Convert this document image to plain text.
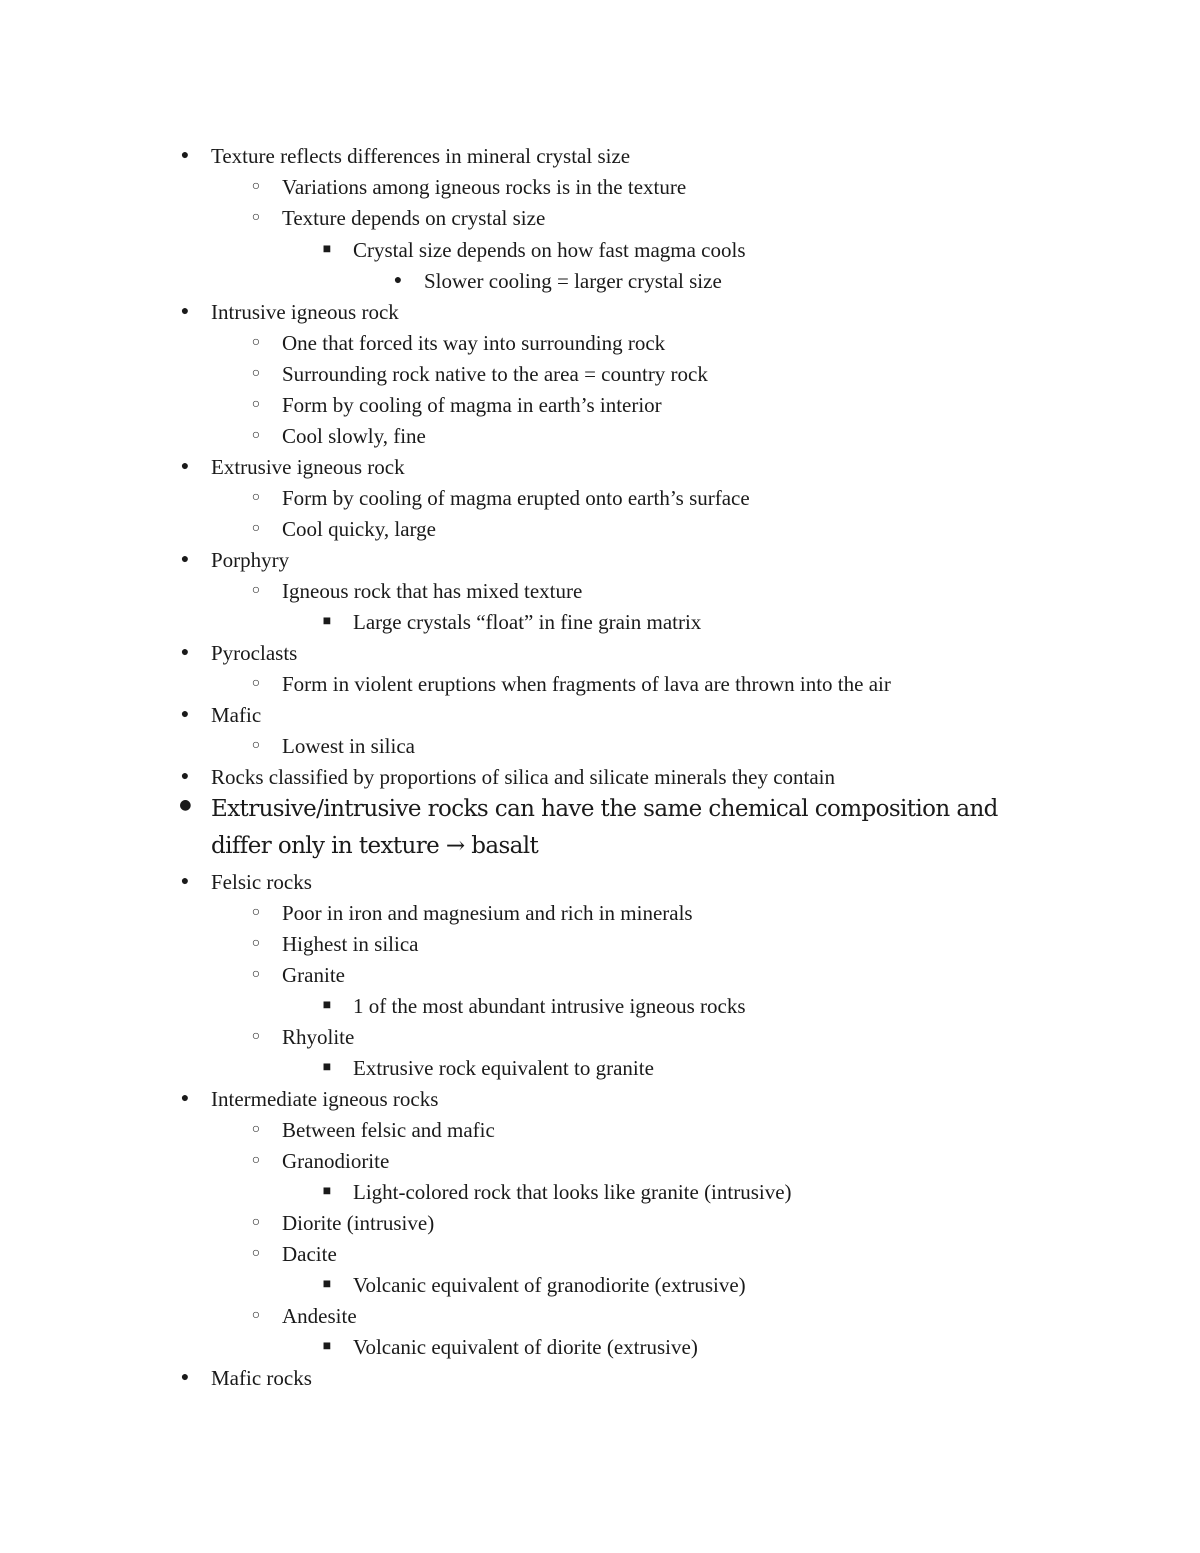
● Texture reflects differences in mineral crystal size
○ Variations among igneous rocks is in the texture
○ Texture depends on crystal size
■ Crystal size depends on how fast magma cools
● Slower cooling = larger crystal size
● Intrusive igneous rock
○ One that forced its way into surrounding rock
○ Surrounding rock native to the area = country rock
○ Form by cooling of magma in earth’s interior
○ Cool slowly, fine
● Extrusive igneous rock
○ Form by cooling of magma erupted onto earth’s surface
○ Cool quicky, large
● Porphyry
○ Igneous rock that has mixed texture
■ Large crystals “float” in fine grain matrix
● Pyroclasts
○ Form in violent eruptions when fragments of lava are thrown into the air
● Mafic
○ Lowest in silica
● Rocks classified by proportions of silica and silicate minerals they contain
● Extrusive/intrusive rocks can have the same chemical composition and differ only in texture → basalt
● Felsic rocks
○ Poor in iron and magnesium and rich in minerals
○ Highest in silica
○ Granite
■ 1 of the most abundant intrusive igneous rocks
○ Rhyolite
■ Extrusive rock equivalent to granite
● Intermediate igneous rocks
○ Between felsic and mafic
○ Granodiorite
■ Light-colored rock that looks like granite (intrusive)
○ Diorite (intrusive)
○ Dacite
■ Volcanic equivalent of granodiorite (extrusive)
○ Andesite
■ Volcanic equivalent of diorite (extrusive)
● Mafic rocks
